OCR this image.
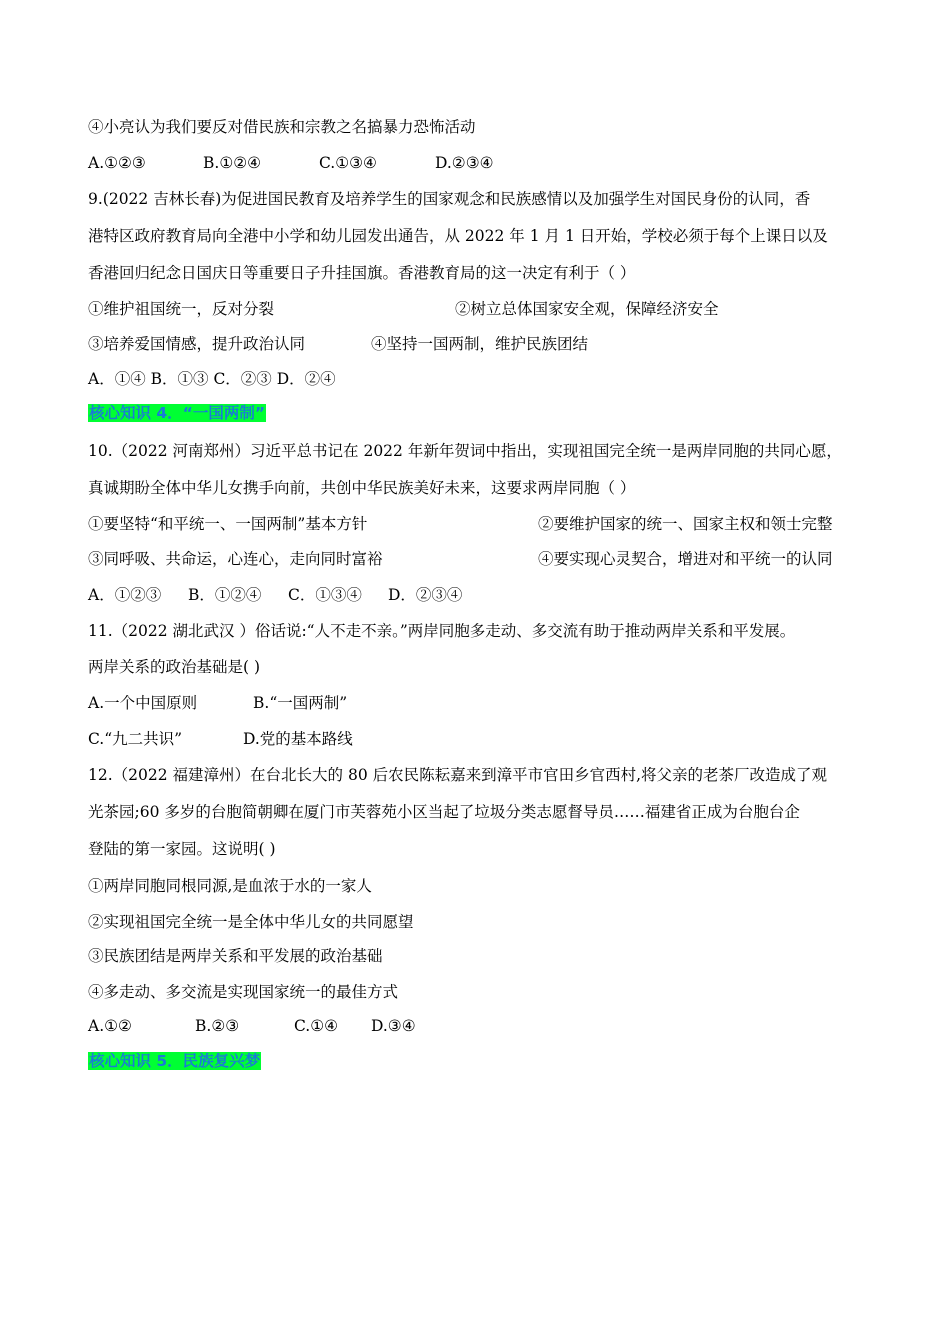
④小亮认为我们要反对借民族和宗教之名搞暴力恐怖活动
A.①②③	B.①②④	C.①③④	D.②③④
9.(2022 吉林长春)为促进国民教育及培养学生的国家观念和民族感情以及加强学生对国民身份的认同，香
港特区政府教育局向全港中小学和幼儿园发出通告，从 2022 年 1 月 1 日开始，学校必须于每个上课日以及
香港回归纪念日国庆日等重要日子升挂国旗。香港教育局的这一决定有利于（ ）
①维护祖国统一，反对分裂	②树立总体国家安全观，保障经济安全
③培养爱国情感，提升政治认同	④坚持一国两制，维护民族团结
A．①④ B．①③ C．②③ D．②④
核心知识 4．“一国两制”
10.（2022 河南郑州）习近平总书记在 2022 年新年贺词中指出，实现祖国完全统一是两岸同胞的共同心愿，
真诚期盼全体中华儿女携手向前，共创中华民族美好未来，这要求两岸同胞（ ）
①要坚特“和平统一、一国两制”基本方针	②要维护国家的统一、国家主权和领士完整
③同呼吸、共命运，心连心，走向同时富裕	④要实现心灵契合，增进对和平统一的认同
A．①②③ B．①②④ C．①③④ D．②③④
11.（2022 湖北武汉 ）俗话说:“人不走不亲。”两岸同胞多走动、多交流有助于推动两岸关系和平发展。
两岸关系的政治基础是( )
A.一个中国原则	B.“一国两制”
C.“九二共识”	D.党的基本路线
12.（2022 福建漳州）在台北长大的 80 后农民陈耘嘉来到漳平市官田乡官西村,将父亲的老茶厂改造成了观
光茶园;60 多岁的台胞简朝卿在厦门市芙蓉苑小区当起了垃圾分类志愿督导员……福建省正成为台胞台企
登陆的第一家园。这说明( )
①两岸同胞同根同源,是血浓于水的一家人
②实现祖国完全统一是全体中华儿女的共同愿望
③民族团结是两岸关系和平发展的政治基础
④多走动、多交流是实现国家统一的最佳方式
A.①②	B.②③	C.①④ D.③④
核心知识 5．民族复兴梦
